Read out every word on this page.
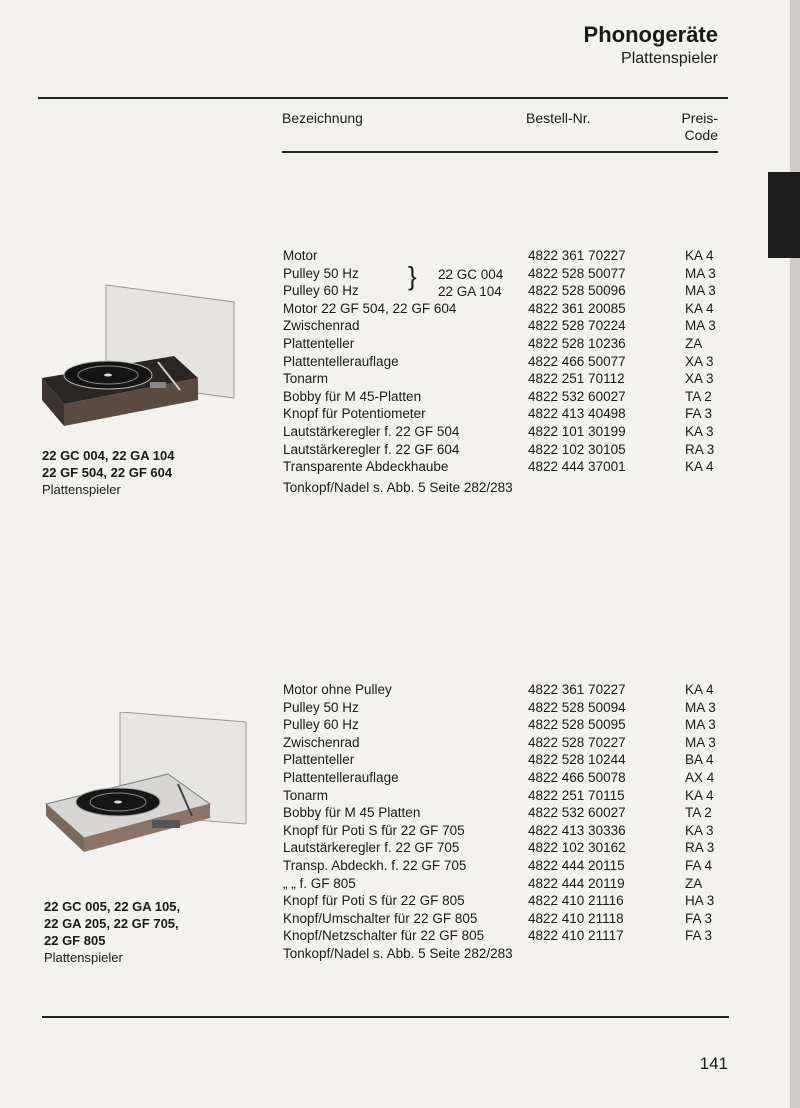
Phonogeräte
Plattenspieler
Bezeichnung	Bestell-Nr.	Preis-
Code
22 GC 004, 22 GA 104
22 GF 504, 22 GF 604
Plattenspieler
} 22 GC 004
22 GA 104
Motor	4822 361 70227	KA 4
Pulley 50 Hz	4822 528 50077	MA 3
Pulley 60 Hz	4822 528 50096	MA 3
Motor 22 GF 504, 22 GF 604	4822 361 20085	KA 4
Zwischenrad	4822 528 70224	MA 3
Plattenteller	4822 528 10236	ZA
Plattentellerauflage	4822 466 50077	XA 3
Tonarm	4822 251 70112	XA 3
Bobby für M 45-Platten	4822 532 60027	TA 2
Knopf für Potentiometer	4822 413 40498	FA 3
Lautstärkeregler f. 22 GF 504	4822 101 30199	KA 3
Lautstärkeregler f. 22 GF 604	4822 102 30105	RA 3
Transparente Abdeckhaube	4822 444 37001	KA 4
Tonkopf/Nadel s. Abb. 5 Seite 282/283
22 GC 005, 22 GA 105,
22 GA 205, 22 GF 705,
22 GF 805
Plattenspieler
Motor ohne Pulley	4822 361 70227	KA 4
Pulley 50 Hz	4822 528 50094	MA 3
Pulley 60 Hz	4822 528 50095	MA 3
Zwischenrad	4822 528 70227	MA 3
Plattenteller	4822 528 10244	BA 4
Plattentellerauflage	4822 466 50078	AX 4
Tonarm	4822 251 70115	KA 4
Bobby für M 45 Platten	4822 532 60027	TA 2
Knopf für Poti S für 22 GF 705	4822 413 30336	KA 3
Lautstärkeregler f. 22 GF 705	4822 102 30162	RA 3
Transp. Abdeckh. f. 22 GF 705	4822 444 20115	FA 4
„ „ f. GF 805	4822 444 20119	ZA
Knopf für Poti S für 22 GF 805	4822 410 21116	HA 3
Knopf/Umschalter für 22 GF 805	4822 410 21118	FA 3
Knopf/Netzschalter für 22 GF 805	4822 410 21117	FA 3
Tonkopf/Nadel s. Abb. 5 Seite 282/283
141
